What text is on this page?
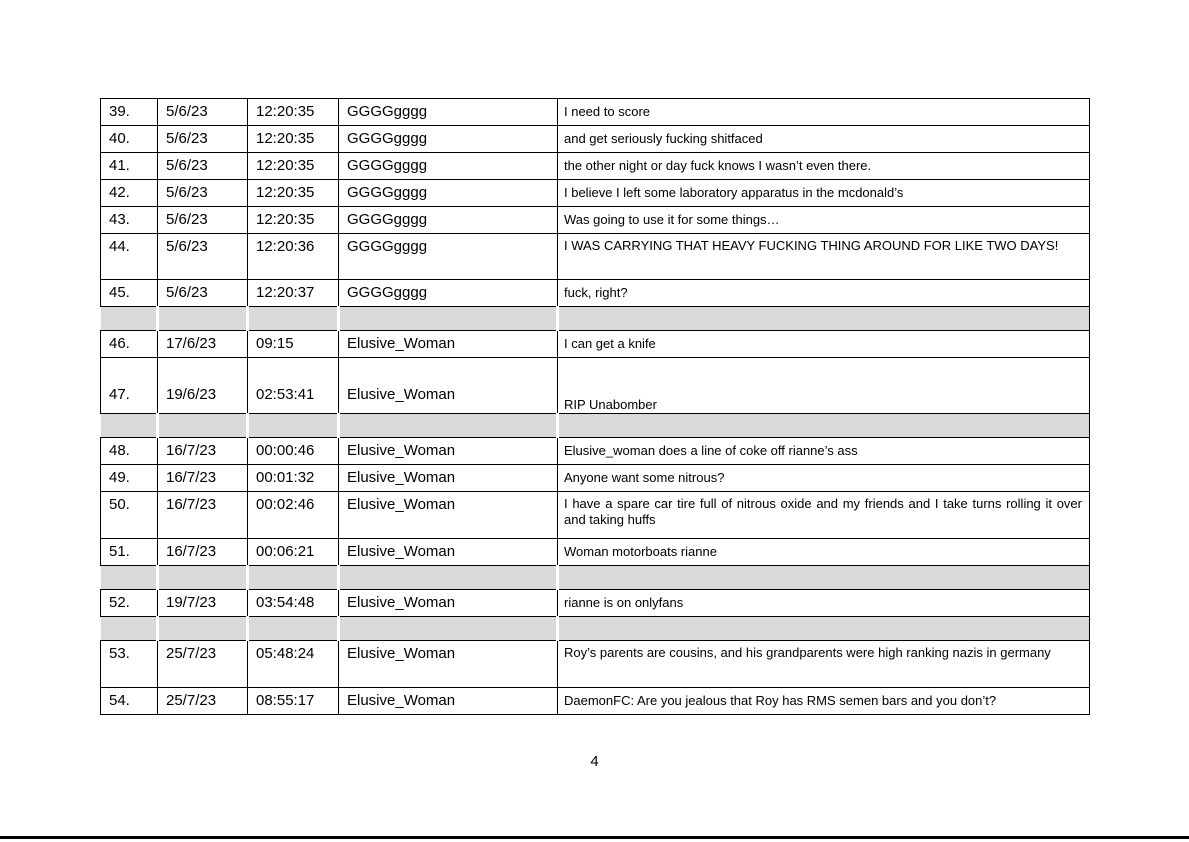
39.	5/6/23	12:20:35	GGGGgggg	I need to score
40.	5/6/23	12:20:35	GGGGgggg	and get seriously fucking shitfaced
41.	5/6/23	12:20:35	GGGGgggg	the other night or day fuck knows I wasn’t even there.
42.	5/6/23	12:20:35	GGGGgggg	I believe I left some laboratory apparatus in the mcdonald’s
43.	5/6/23	12:20:35	GGGGgggg	Was going to use it for some things…
44.	5/6/23	12:20:36	GGGGgggg	I WAS CARRYING THAT HEAVY FUCKING THING AROUND FOR LIKE TWO DAYS!
45.	5/6/23	12:20:37	GGGGgggg	fuck, right?

46.	17/6/23	09:15	Elusive_Woman	I can get a knife
47.	19/6/23	02:53:41	Elusive_Woman	RIP Unabomber

48.	16/7/23	00:00:46	Elusive_Woman	Elusive_woman does a line of coke off rianne’s ass
49.	16/7/23	00:01:32	Elusive_Woman	Anyone want some nitrous?
50.	16/7/23	00:02:46	Elusive_Woman	I have a spare car tire full of nitrous oxide and my friends and I take turns rolling it over and taking huffs
51.	16/7/23	00:06:21	Elusive_Woman	Woman motorboats rianne

52.	19/7/23	03:54:48	Elusive_Woman	rianne is on onlyfans

53.	25/7/23	05:48:24	Elusive_Woman	Roy’s parents are cousins, and his grandparents were high ranking nazis in germany
54.	25/7/23	08:55:17	Elusive_Woman	DaemonFC: Are you jealous that Roy has RMS semen bars and you don’t?
4
